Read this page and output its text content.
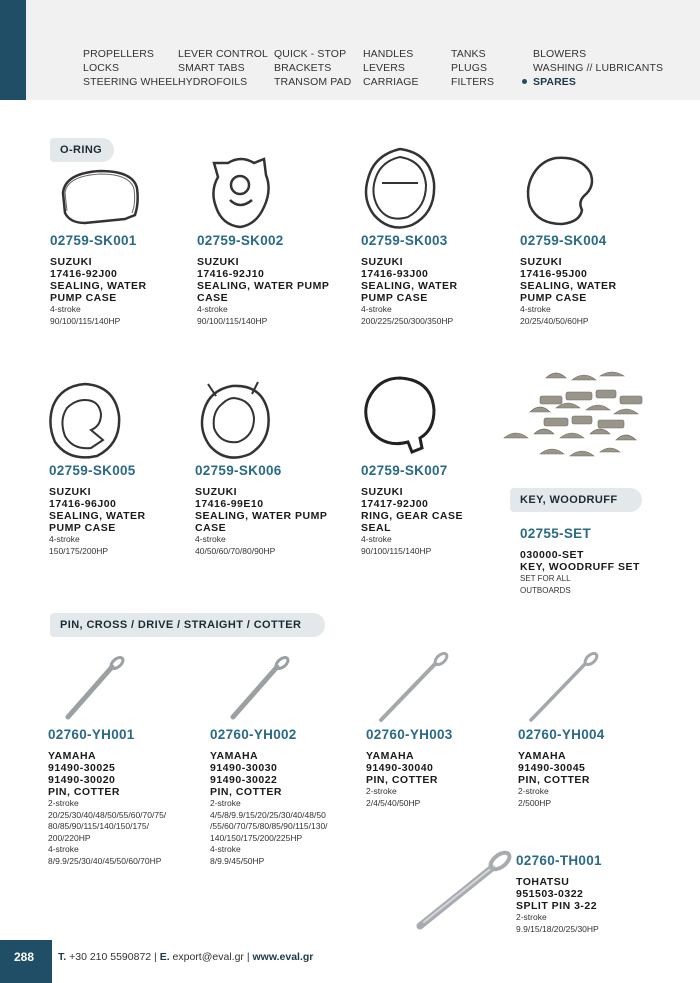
PROPELLERS
LOCKS
STEERING WHEEL
LEVER CONTROL
SMART TABS
HYDROFOILS
QUICK - STOP
BRACKETS
TRANSOM PAD
HANDLES
LEVERS
CARRIAGE
TANKS
PLUGS
FILTERS
BLOWERS
WASHING // LUBRICANTS
SPARES
O-RING
02759-SK001
SUZUKI
17416-92J00
SEALING, WATER
PUMP CASE
4-stroke
90/100/115/140HP
02759-SK002
SUZUKI
17416-92J10
SEALING, WATER PUMP
CASE
4-stroke
90/100/115/140HP
02759-SK003
SUZUKI
17416-93J00
SEALING, WATER
PUMP CASE
4-stroke
200/225/250/300/350HP
02759-SK004
SUZUKI
17416-95J00
SEALING, WATER
PUMP CASE
4-stroke
20/25/40/50/60HP
02759-SK005
SUZUKI
17416-96J00
SEALING, WATER
PUMP CASE
4-stroke
150/175/200HP
02759-SK006
SUZUKI
17416-99E10
SEALING, WATER PUMP
CASE
4-stroke
40/50/60/70/80/90HP
02759-SK007
SUZUKI
17417-92J00
RING, GEAR CASE
SEAL
4-stroke
90/100/115/140HP
KEY, WOODRUFF
02755-SET
030000-SET
KEY, WOODRUFF SET
SET FOR ALL
OUTBOARDS
PIN, CROSS / DRIVE / STRAIGHT / COTTER
02760-YH001
YAMAHA
91490-30025
91490-30020
PIN, COTTER
2-stroke
20/25/30/40/48/50/55/60/70/75/
80/85/90/115/140/150/175/
200/220HP
4-stroke
8/9.9/25/30/40/45/50/60/70HP
02760-YH002
YAMAHA
91490-30030
91490-30022
PIN, COTTER
2-stroke
4/5/8/9.9/15/20/25/30/40/48/50
/55/60/70/75/80/85/90/115/130/
140/150/175/200/225HP
4-stroke
8/9.9/45/50HP
02760-YH003
YAMAHA
91490-30040
PIN, COTTER
2-stroke
2/4/5/40/50HP
02760-YH004
YAMAHA
91490-30045
PIN, COTTER
2-stroke
2/500HP
02760-TH001
TOHATSU
951503-0322
SPLIT PIN 3-22
2-stroke
9.9/15/18/20/25/30HP
288 T. +30 210 5590872 | E. export@eval.gr | www.eval.gr
